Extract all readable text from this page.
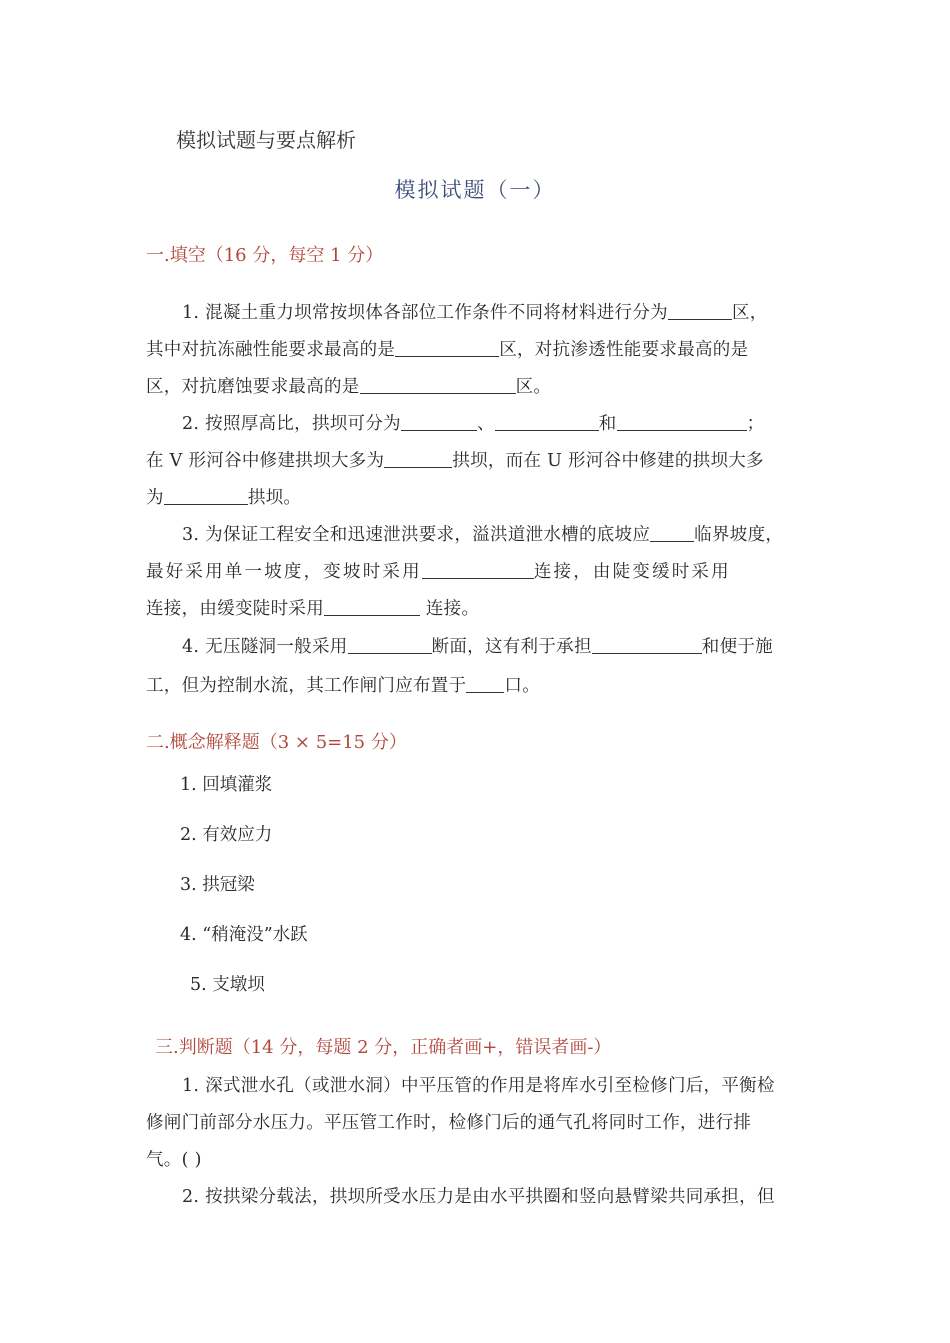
模拟试题与要点解析
模拟试题（一）
一.填空（16 分，每空 1 分）
1. 混凝土重力坝常按坝体各部位工作条件不同将材料进行分为	区，
其中对抗冻融性能要求最高的是	区，对抗渗透性能要求最高的是
区，对抗磨蚀要求最高的是	区。
2. 按照厚高比，拱坝可分为	、	和	；
在 V 形河谷中修建拱坝大多为	拱坝，而在 U 形河谷中修建的拱坝大多
为	拱坝。
3. 为保证工程安全和迅速泄洪要求，溢洪道泄水槽的底坡应	临界坡度，
最好采用单一坡度，变坡时采用	连接，由陡变缓时采用
连接，由缓变陡时采用	连接。
4. 无压隧洞一般采用	断面，这有利于承担	和便于施
工，但为控制水流，其工作闸门应布置于 口。
二.概念解释题（3 × 5=15 分）
1. 回填灌浆
2. 有效应力
3. 拱冠梁
4. “稍淹没”水跃
5. 支墩坝
三.判断题（14 分，每题 2 分，正确者画+，错误者画-）
1. 深式泄水孔（或泄水洞）中平压管的作用是将库水引至检修门后，平衡检
修闸门前部分水压力。平压管工作时，检修门后的通气孔将同时工作，进行排
气。( )
2. 按拱梁分载法，拱坝所受水压力是由水平拱圈和竖向悬臂梁共同承担，但
